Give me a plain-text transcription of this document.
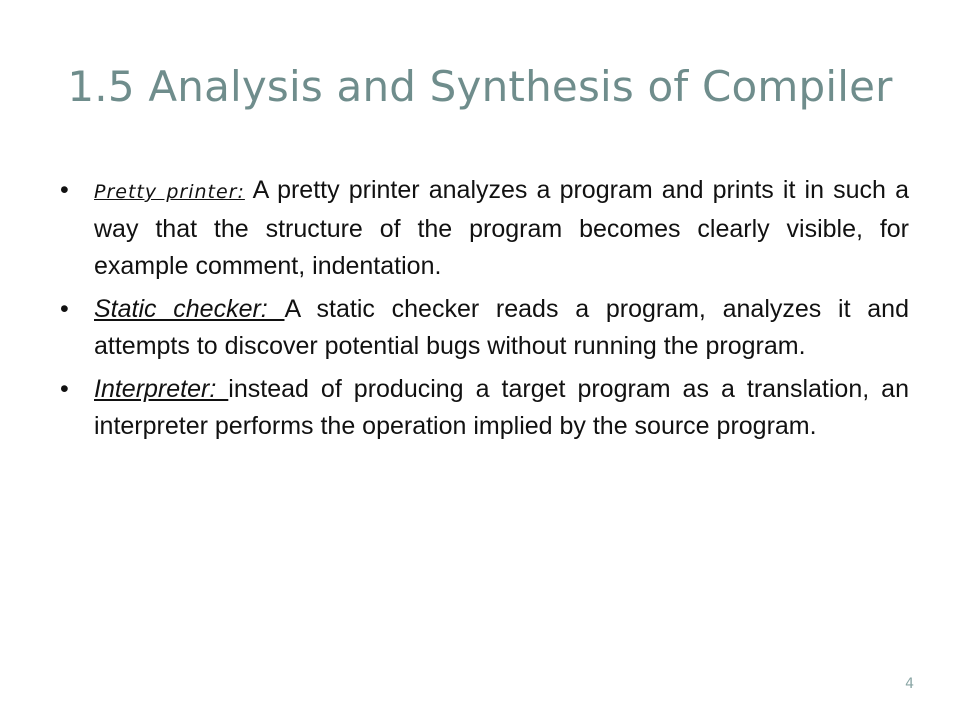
1.5 Analysis and Synthesis of Compiler
• Pretty printer: A pretty printer analyzes a program and prints it in such a way that the structure of the program becomes clearly visible, for example comment, indentation.
• Static checker: A static checker reads a program, analyzes it and attempts to discover potential bugs without running the program.
• Interpreter: instead of producing a target program as a translation, an interpreter performs the operation implied by the source program.
4
